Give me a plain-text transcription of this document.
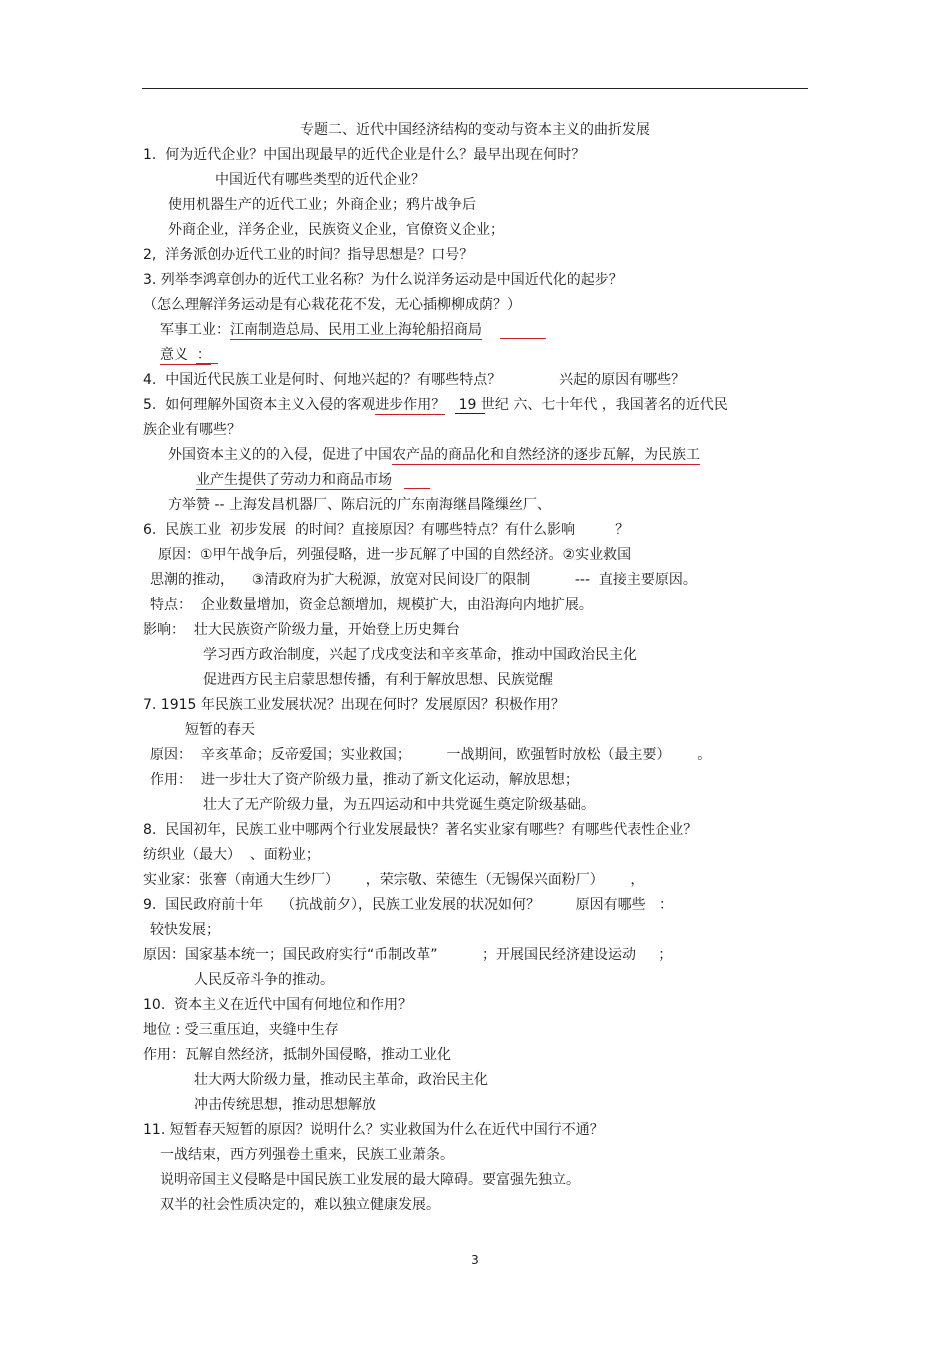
专题二、近代中国经济结构的变动与资本主义的曲折发展
1.  何为近代企业？中国出现最早的近代企业是什么？最早出现在何时？
中国近代有哪些类型的近代企业？
使用机器生产的近代工业；外商企业；鸦片战争后
外商企业，洋务企业，民族资义企业，官僚资义企业；
2,  洋务派创办近代工业的时间？指导思想是？口号？
3. 列举李鸿章创办的近代工业名称？为什么说洋务运动是中国近代化的起步？
（怎么理解洋务运动是有心栽花花不发，无心插柳柳成荫？）
军事工业：江南制造总局、民用工业上海轮船招商局
意义  ：
4.  中国近代民族工业是何时、何地兴起的？有哪些特点？             兴起的原因有哪些？
5.  如何理解外国资本主义入侵的客观进步作用？   19 世纪 六、七十年代 ，我国著名的近代民
族企业有哪些？
外国资本主义的的入侵，促进了中国农产品的商品化和自然经济的逐步瓦解，为民族工
业产生提供了劳动力和商品市场
方举赞 -- 上海发昌机器厂、陈启沅的广东南海继昌隆缫丝厂、
6.  民族工业  初步发展  的时间？直接原因？有哪些特点？有什么影响         ？
原因：①甲午战争后，列强侵略，进一步瓦解了中国的自然经济。②实业救国
思潮的推动，    ③清政府为扩大税源，放宽对民间设厂的限制          ---  直接主要原因。
特点：  企业数量增加，资金总额增加，规模扩大，由沿海向内地扩展。
影响：  壮大民族资产阶级力量，开始登上历史舞台
学习西方政治制度，兴起了戊戌变法和辛亥革命，推动中国政治民主化
促进西方民主启蒙思想传播，有利于解放思想、民族觉醒
7. 1915 年民族工业发展状况？出现在何时？发展原因？积极作用？
短暂的春天
原因：  辛亥革命；反帝爱国；实业救国；        一战期间，欧强暂时放松（最主要）      。
作用：  进一步壮大了资产阶级力量，推动了新文化运动，解放思想；
壮大了无产阶级力量，为五四运动和中共党诞生奠定阶级基础。
8.  民国初年，民族工业中哪两个行业发展最快？著名实业家有哪些？有哪些代表性企业？
纺织业（最大）  、面粉业；
实业家：张謇（南通大生纱厂）      ，荣宗敬、荣德生（无锡保兴面粉厂）      ，
9.  国民政府前十年    （抗战前夕），民族工业发展的状况如何？        原因有哪些   ：
较快发展；
原因：国家基本统一；国民政府实行“币制改革”          ；开展国民经济建设运动     ；
人民反帝斗争的推动。
10.  资本主义在近代中国有何地位和作用？
地位 : 受三重压迫，夹缝中生存
作用：瓦解自然经济，抵制外国侵略，推动工业化
壮大两大阶级力量，推动民主革命，政治民主化
冲击传统思想，推动思想解放
11. 短暂春天短暂的原因？说明什么？实业救国为什么在近代中国行不通？
一战结束，西方列强卷土重来，民族工业萧条。
说明帝国主义侵略是中国民族工业发展的最大障碍。要富强先独立。
双半的社会性质决定的，难以独立健康发展。
3
